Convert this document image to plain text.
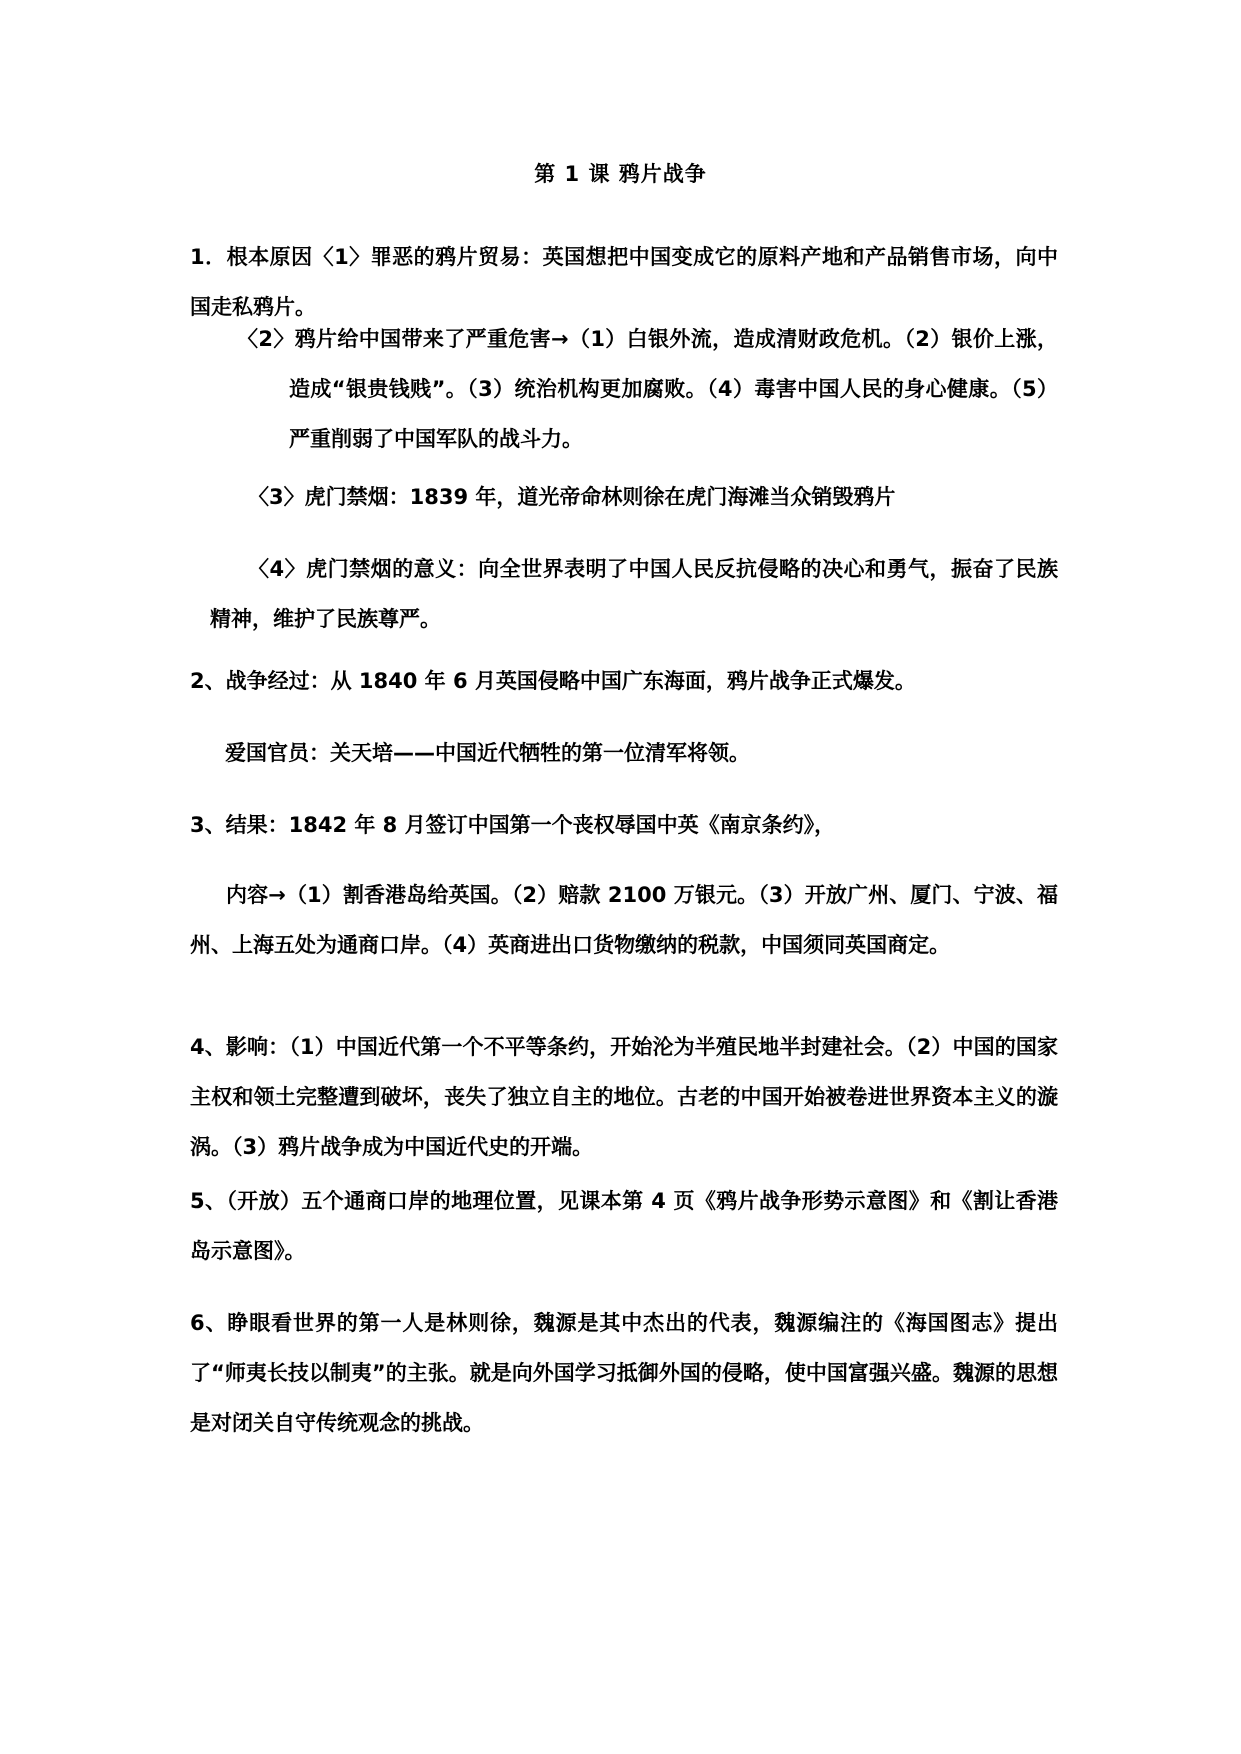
第 1 课 鸦片战争
1．根本原因〈1〉罪恶的鸦片贸易：英国想把中国变成它的原料产地和产品销售市场，向中国走私鸦片。
〈2〉鸦片给中国带来了严重危害→（1）白银外流，造成清财政危机。（2）银价上涨，造成“银贵钱贱”。（3）统治机构更加腐败。（4）毒害中国人民的身心健康。（5）严重削弱了中国军队的战斗力。
〈3〉虎门禁烟：1839 年，道光帝命林则徐在虎门海滩当众销毁鸦片
〈4〉虎门禁烟的意义：向全世界表明了中国人民反抗侵略的决心和勇气，振奋了民族精神，维护了民族尊严。
2、战争经过：从 1840 年 6 月英国侵略中国广东海面，鸦片战争正式爆发。
爱国官员：关天培——中国近代牺牲的第一位清军将领。
3、结果：1842 年 8 月签订中国第一个丧权辱国中英《南京条约》，
内容→（1）割香港岛给英国。（2）赔款 2100 万银元。（3）开放广州、厦门、宁波、福州、上海五处为通商口岸。（4）英商进出口货物缴纳的税款，中国须同英国商定。
4、影响：（1）中国近代第一个不平等条约，开始沦为半殖民地半封建社会。（2）中国的国家主权和领土完整遭到破坏，丧失了独立自主的地位。古老的中国开始被卷进世界资本主义的漩涡。（3）鸦片战争成为中国近代史的开端。
5、（开放）五个通商口岸的地理位置，见课本第 4 页《鸦片战争形势示意图》和《割让香港岛示意图》。
6、睁眼看世界的第一人是林则徐，魏源是其中杰出的代表，魏源编注的《海国图志》提出了“师夷长技以制夷”的主张。就是向外国学习抵御外国的侵略，使中国富强兴盛。魏源的思想是对闭关自守传统观念的挑战。
